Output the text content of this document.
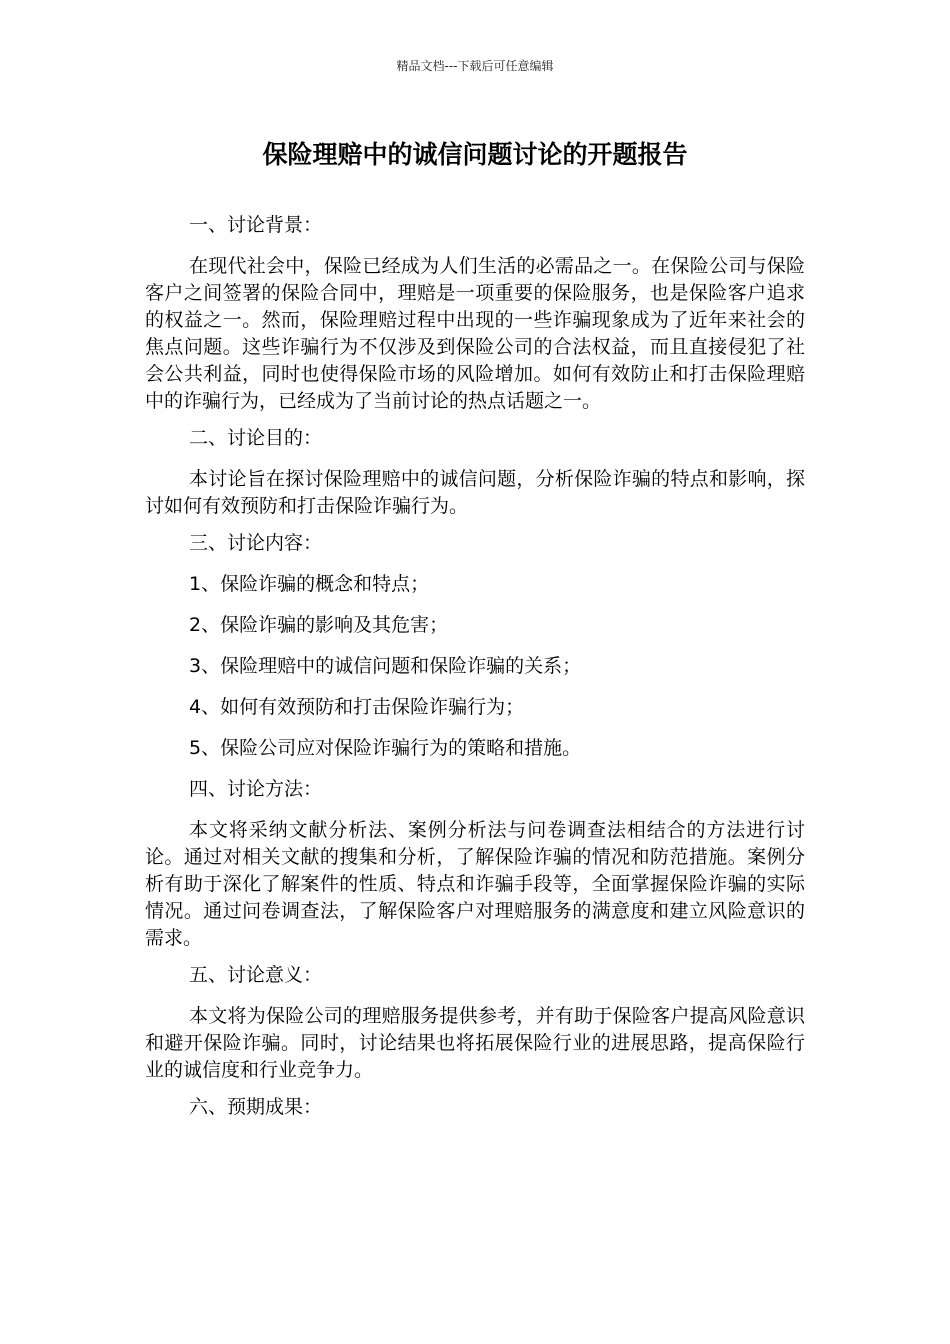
精品文档---下载后可任意编辑
保险理赔中的诚信问题讨论的开题报告

一、讨论背景：

在现代社会中，保险已经成为人们生活的必需品之一。在保险公司与保险客户之间签署的保险合同中，理赔是一项重要的保险服务，也是保险客户追求的权益之一。然而，保险理赔过程中出现的一些诈骗现象成为了近年来社会的焦点问题。这些诈骗行为不仅涉及到保险公司的合法权益，而且直接侵犯了社会公共利益，同时也使得保险市场的风险增加。如何有效防止和打击保险理赔中的诈骗行为，已经成为了当前讨论的热点话题之一。

二、讨论目的：

本讨论旨在探讨保险理赔中的诚信问题，分析保险诈骗的特点和影响，探讨如何有效预防和打击保险诈骗行为。

三、讨论内容：

1、保险诈骗的概念和特点；

2、保险诈骗的影响及其危害；

3、保险理赔中的诚信问题和保险诈骗的关系；

4、如何有效预防和打击保险诈骗行为；

5、保险公司应对保险诈骗行为的策略和措施。

四、讨论方法：

本文将采纳文献分析法、案例分析法与问卷调查法相结合的方法进行讨论。通过对相关文献的搜集和分析，了解保险诈骗的情况和防范措施。案例分析有助于深化了解案件的性质、特点和诈骗手段等，全面掌握保险诈骗的实际情况。通过问卷调查法，了解保险客户对理赔服务的满意度和建立风险意识的需求。

五、讨论意义：

本文将为保险公司的理赔服务提供参考，并有助于保险客户提高风险意识和避开保险诈骗。同时，讨论结果也将拓展保险行业的进展思路，提高保险行业的诚信度和行业竞争力。

六、预期成果：
